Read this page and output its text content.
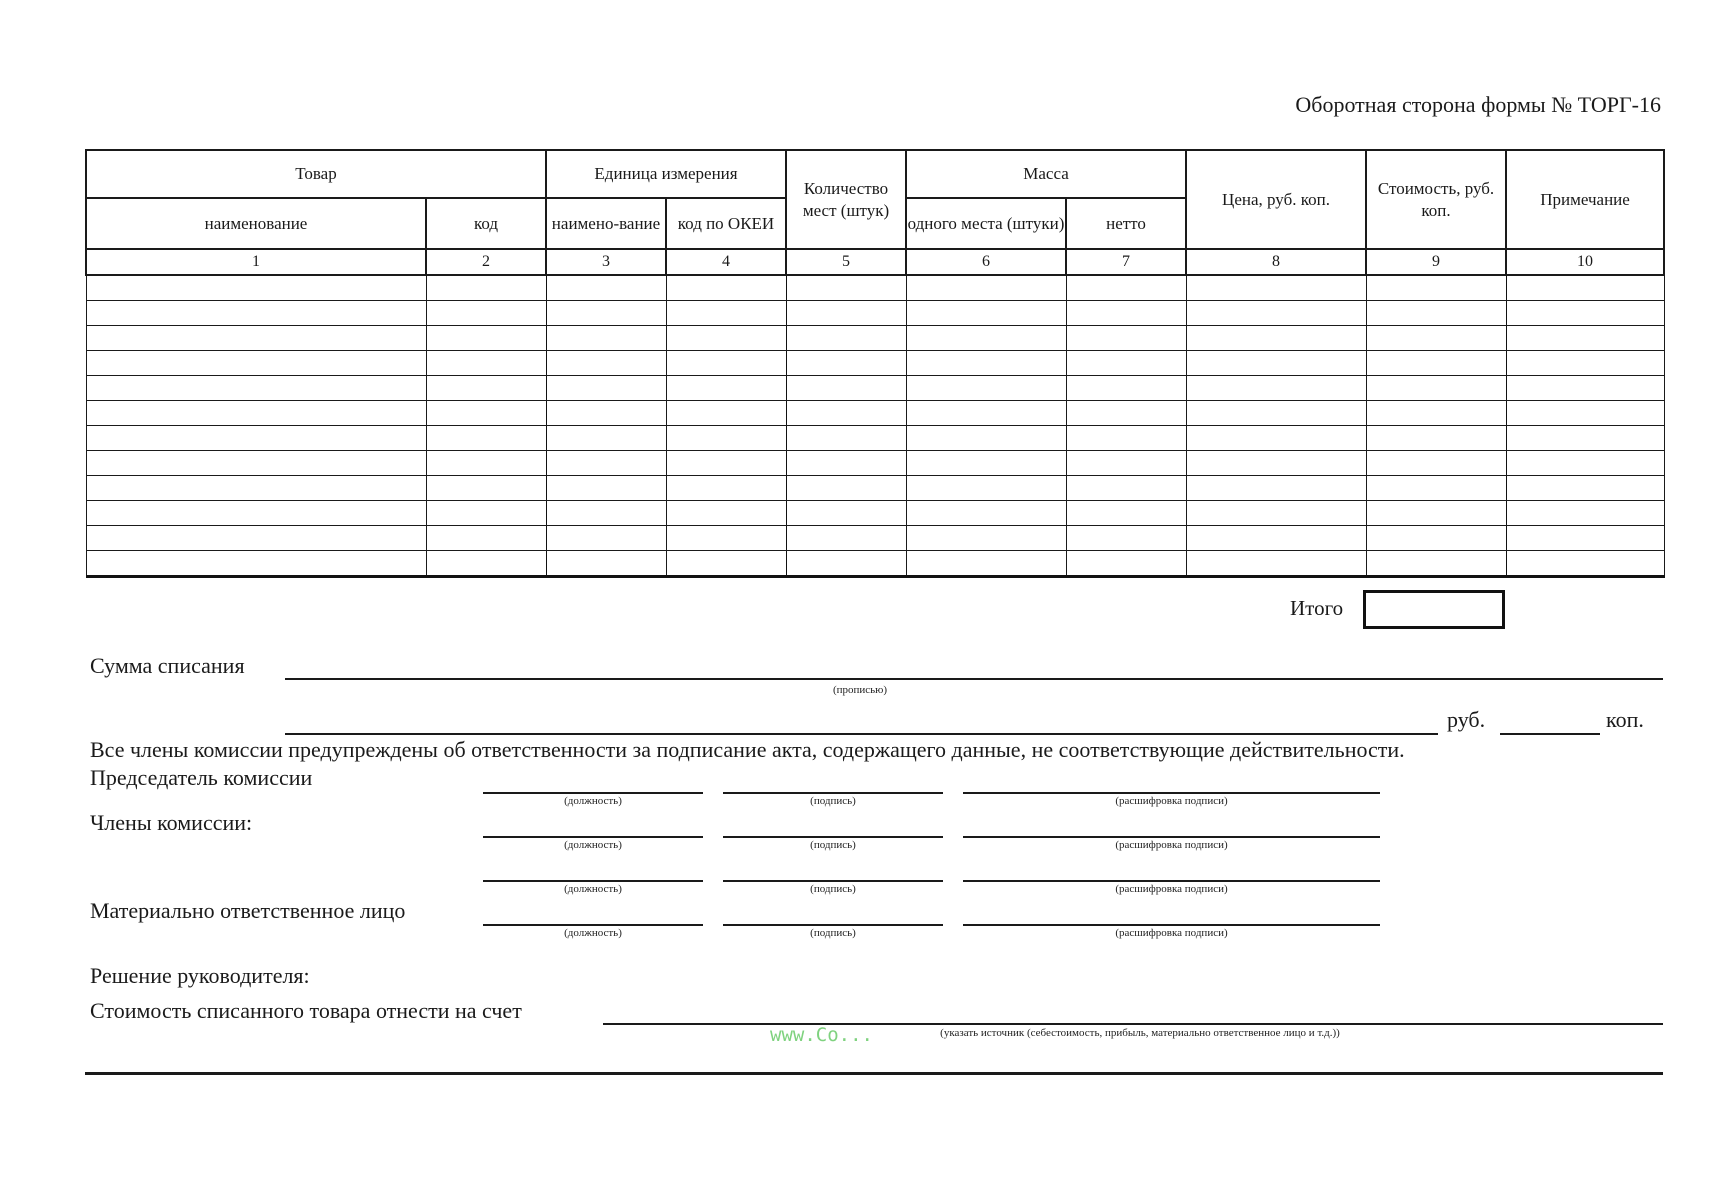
Оборотная сторона формы № ТОРГ-16
Товар		Единица измерения		Количество мест (штук)	Масса		Цена, руб. коп.	Стоимость, руб. коп.	Примечание
наименование	код	наимено-вание	код по ОКЕИ		одного места (штуки)	нетто			
1	2	3	4	5	6	7	8	9	10

Итого
Сумма списания
(прописью)
руб.	коп.
Все члены комиссии предупреждены об ответственности за подписание акта, содержащего данные, не соответствующие действительности.
Председатель комиссии
Члены комиссии:
Материально ответственное лицо
(должность)	(подпись)	(расшифровка подписи)
(должность)	(подпись)	(расшифровка подписи)
(должность)	(подпись)	(расшифровка подписи)
(должность)	(подпись)	(расшифровка подписи)
Решение руководителя:
Стоимость списанного товара отнести на счет
(указать источник (себестоимость, прибыль, материально ответственное лицо и т.д.))
www.Co...
